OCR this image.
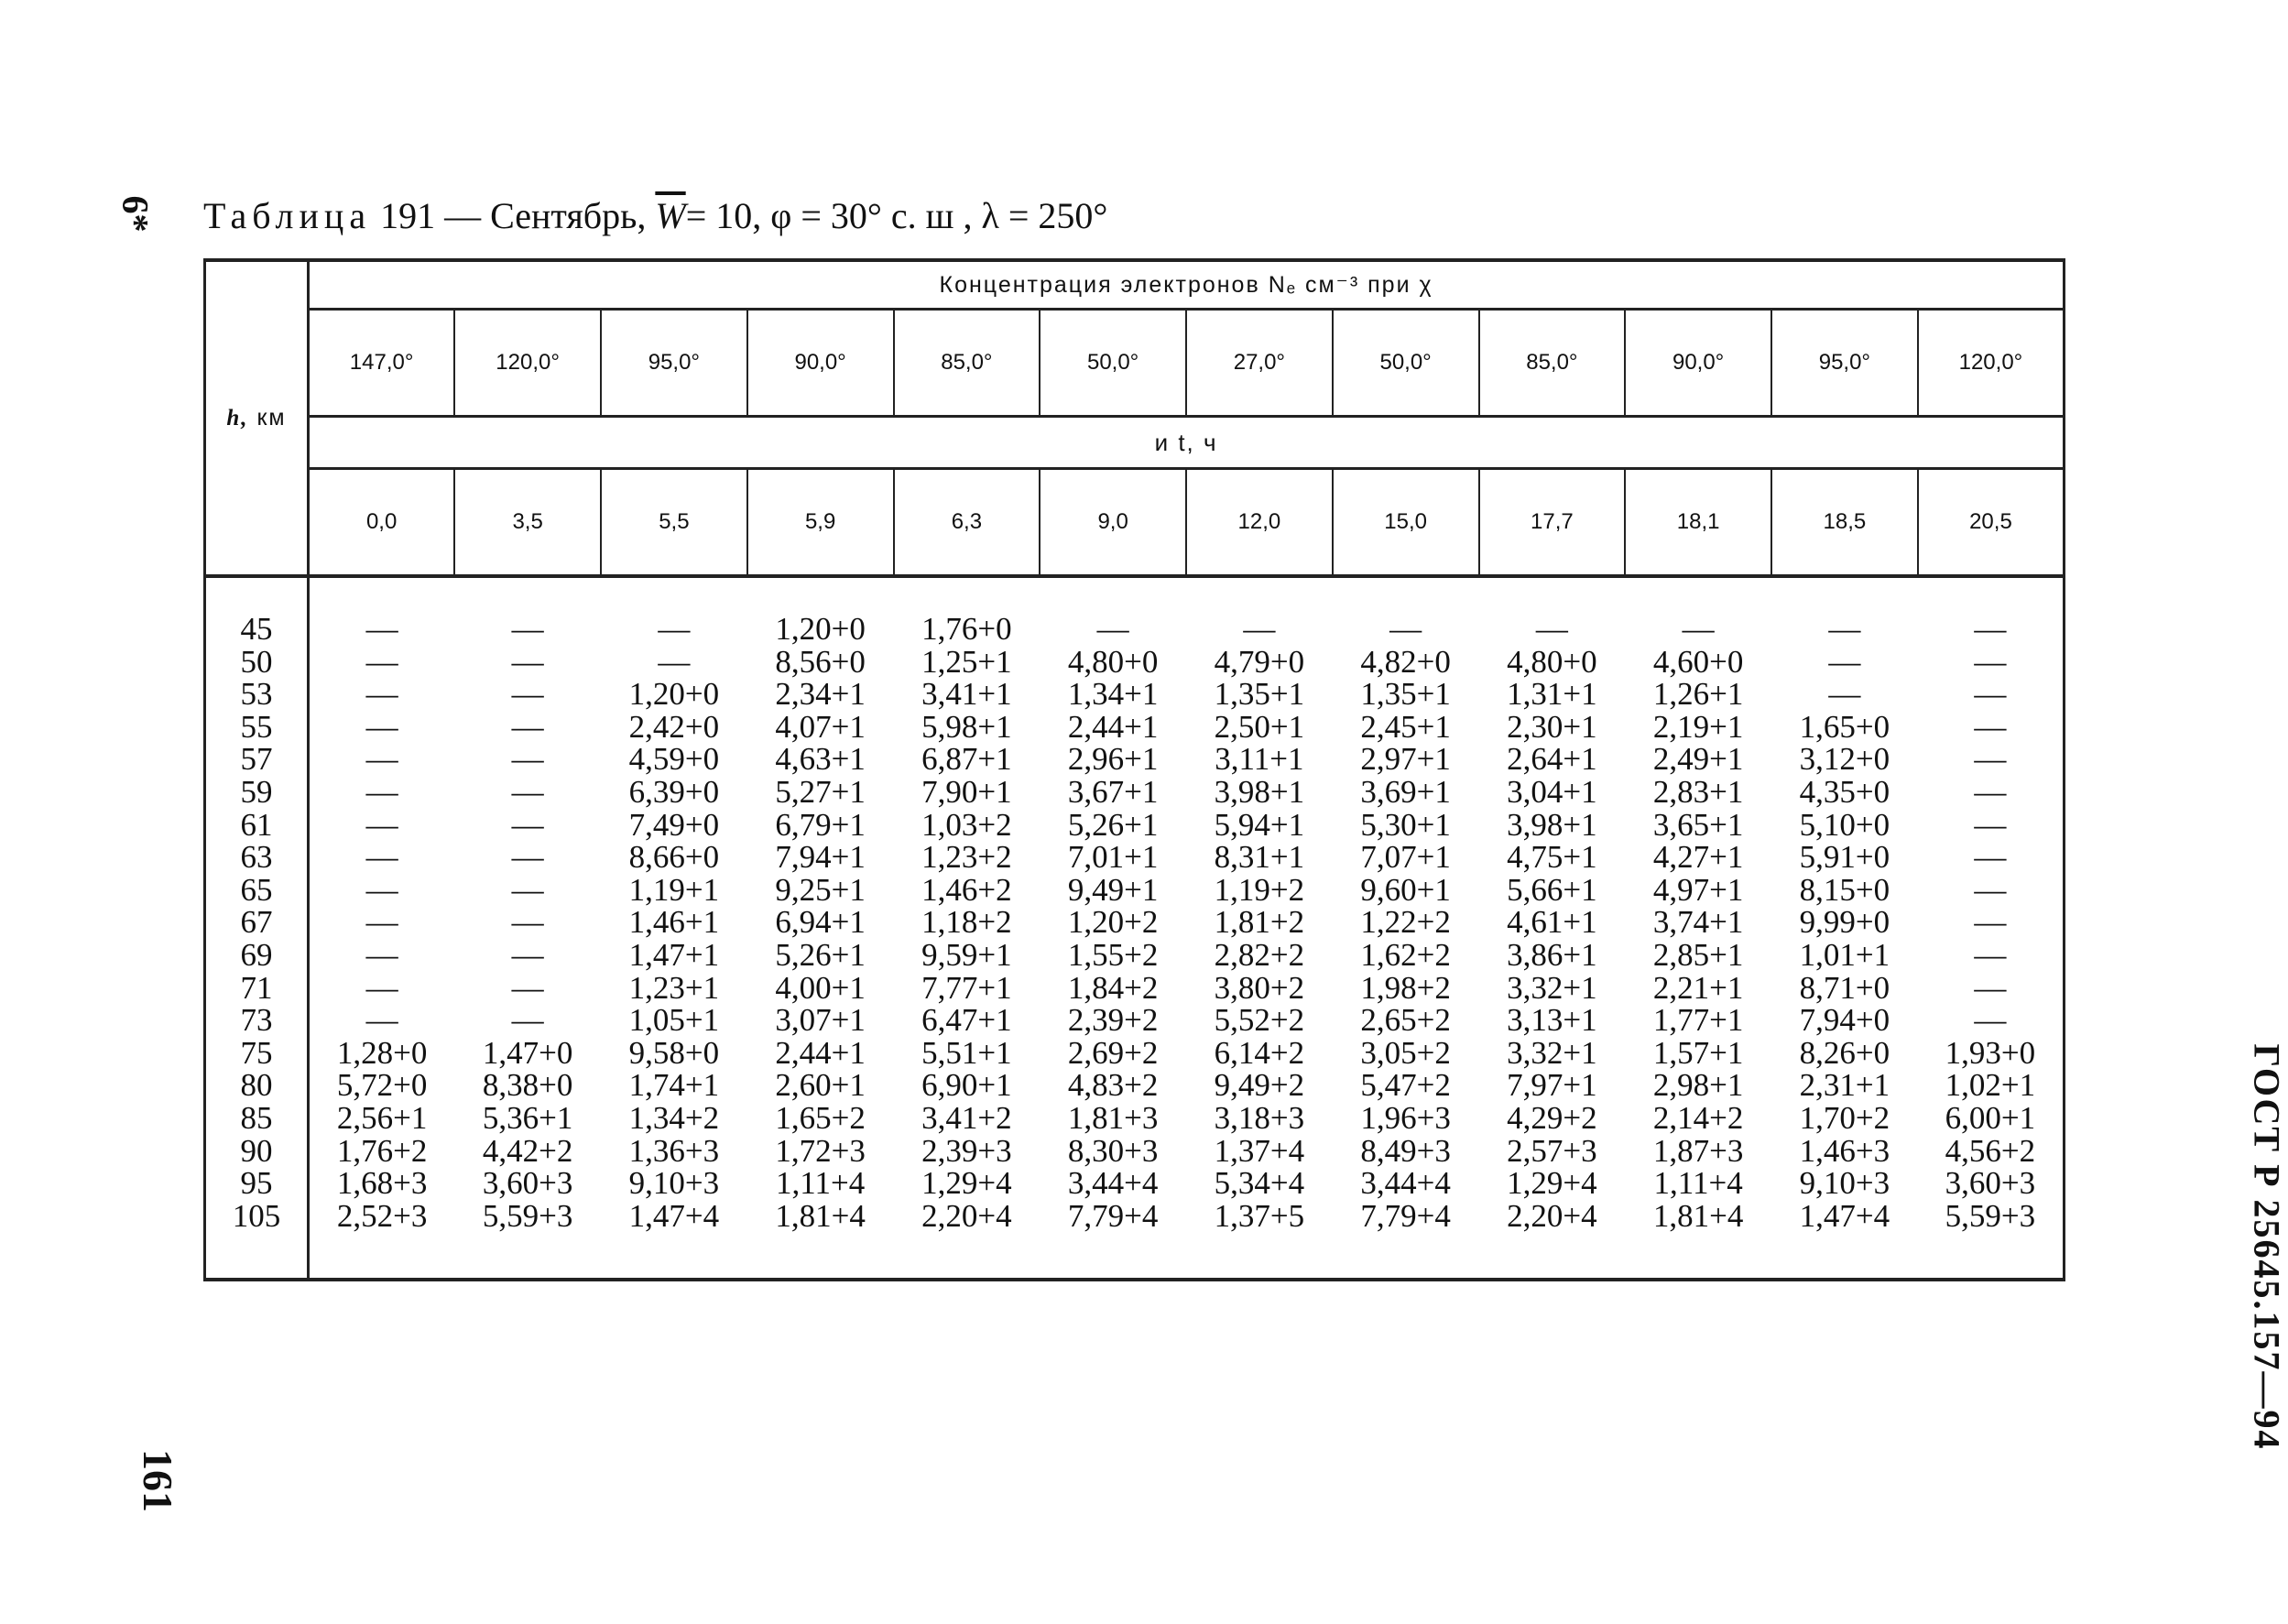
6* Таблица 191 — Сентябрь, $\overline{W}= 10$, φ = 30° с. ш , λ = 250°
h, км	Концентрация электронов Nₑ см⁻³ при χ											
	147,0°	120,0°	95,0°	90,0°	85,0°	50,0°	27,0°	50,0°	85,0°	90,0°	95,0°	120,0°
	и t, ч											
	0,0	3,5	5,5	5,9	6,3	9,0	12,0	15,0	17,7	18,1	18,5	20,5

45	—	—	—	1,20+0	1,76+0	—	—	—	—	—	—	—
50	—	—	—	8,56+0	1,25+1	4,80+0	4,79+0	4,82+0	4,80+0	4,60+0	—	—
53	—	—	1,20+0	2,34+1	3,41+1	1,34+1	1,35+1	1,35+1	1,31+1	1,26+1	—	—
55	—	—	2,42+0	4,07+1	5,98+1	2,44+1	2,50+1	2,45+1	2,30+1	2,19+1	1,65+0	—
57	—	—	4,59+0	4,63+1	6,87+1	2,96+1	3,11+1	2,97+1	2,64+1	2,49+1	3,12+0	—
59	—	—	6,39+0	5,27+1	7,90+1	3,67+1	3,98+1	3,69+1	3,04+1	2,83+1	4,35+0	—
61	—	—	7,49+0	6,79+1	1,03+2	5,26+1	5,94+1	5,30+1	3,98+1	3,65+1	5,10+0	—
63	—	—	8,66+0	7,94+1	1,23+2	7,01+1	8,31+1	7,07+1	4,75+1	4,27+1	5,91+0	—
65	—	—	1,19+1	9,25+1	1,46+2	9,49+1	1,19+2	9,60+1	5,66+1	4,97+1	8,15+0	—
67	—	—	1,46+1	6,94+1	1,18+2	1,20+2	1,81+2	1,22+2	4,61+1	3,74+1	9,99+0	—
69	—	—	1,47+1	5,26+1	9,59+1	1,55+2	2,82+2	1,62+2	3,86+1	2,85+1	1,01+1	—
71	—	—	1,23+1	4,00+1	7,77+1	1,84+2	3,80+2	1,98+2	3,32+1	2,21+1	8,71+0	—
73	—	—	1,05+1	3,07+1	6,47+1	2,39+2	5,52+2	2,65+2	3,13+1	1,77+1	7,94+0	—
75	1,28+0	1,47+0	9,58+0	2,44+1	5,51+1	2,69+2	6,14+2	3,05+2	3,32+1	1,57+1	8,26+0	1,93+0
80	5,72+0	8,38+0	1,74+1	2,60+1	6,90+1	4,83+2	9,49+2	5,47+2	7,97+1	2,98+1	2,31+1	1,02+1
85	2,56+1	5,36+1	1,34+2	1,65+2	3,41+2	1,81+3	3,18+3	1,96+3	4,29+2	2,14+2	1,70+2	6,00+1
90	1,76+2	4,42+2	1,36+3	1,72+3	2,39+3	8,30+3	1,37+4	8,49+3	2,57+3	1,87+3	1,46+3	4,56+2
95	1,68+3	3,60+3	9,10+3	1,11+4	1,29+4	3,44+4	5,34+4	3,44+4	1,29+4	1,11+4	9,10+3	3,60+3
105	2,52+3	5,59+3	1,47+4	1,81+4	2,20+4	7,79+4	1,37+5	7,79+4	2,20+4	1,81+4	1,47+4	5,59+3

161
ГОСТ Р 25645.157—94
